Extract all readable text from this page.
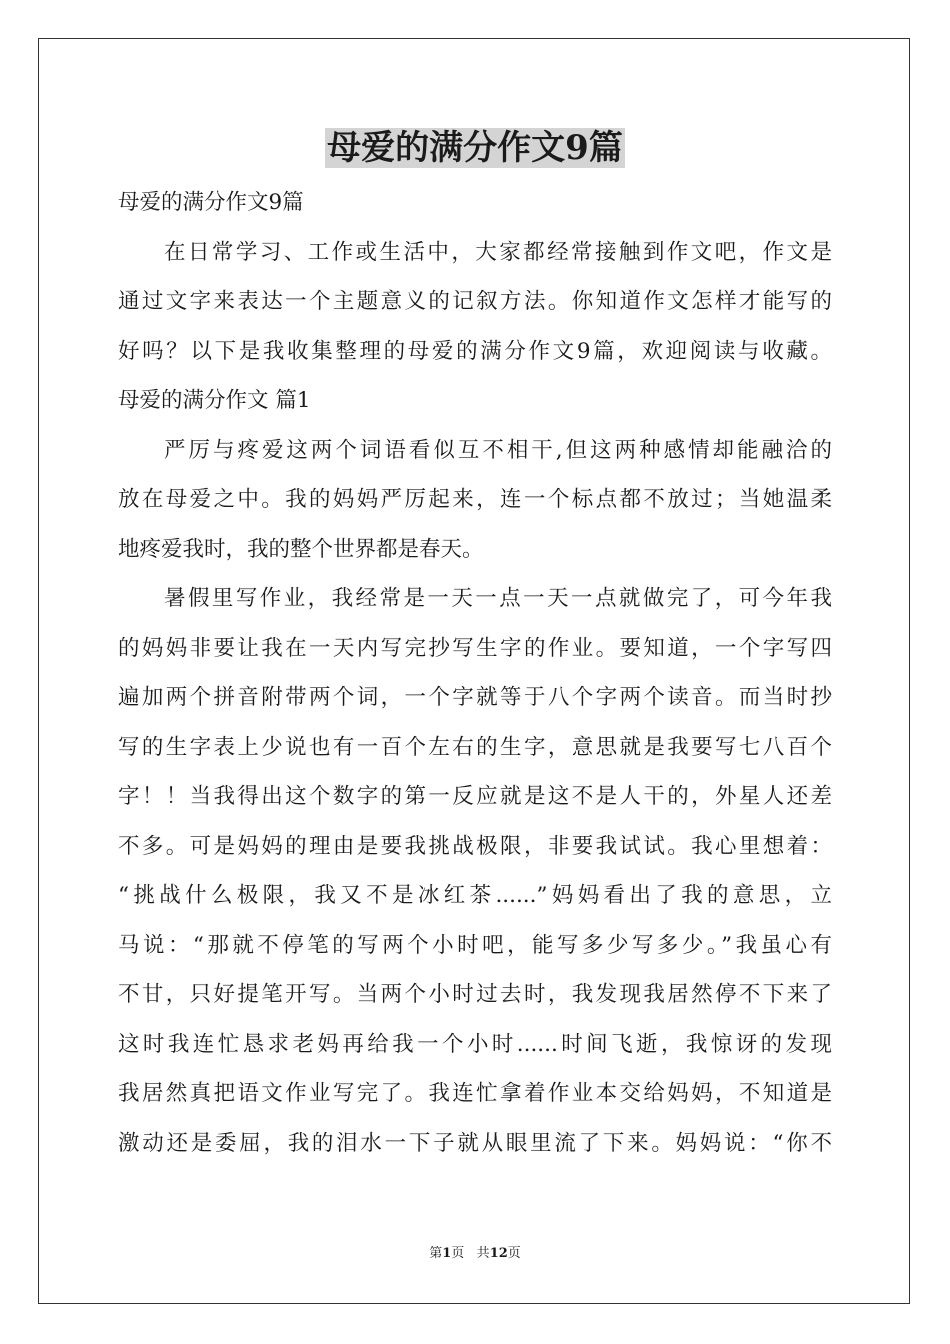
母爱的满分作文9篇
母爱的满分作文9篇
在日常学习、工作或生活中，大家都经常接触到作文吧，作文是
通过文字来表达一个主题意义的记叙方法。你知道作文怎样才能写的
好吗？以下是我收集整理的母爱的满分作文9篇，欢迎阅读与收藏。
母爱的满分作文 篇1
严厉与疼爱这两个词语看似互不相干,但这两种感情却能融洽的
放在母爱之中。我的妈妈严厉起来，连一个标点都不放过；当她温柔
地疼爱我时，我的整个世界都是春天。
暑假里写作业，我经常是一天一点一天一点就做完了，可今年我
的妈妈非要让我在一天内写完抄写生字的作业。要知道，一个字写四
遍加两个拼音附带两个词，一个字就等于八个字两个读音。而当时抄
写的生字表上少说也有一百个左右的生字，意思就是我要写七八百个
字！！当我得出这个数字的第一反应就是这不是人干的，外星人还差
不多。可是妈妈的理由是要我挑战极限，非要我试试。我心里想着：
“挑战什么极限，我又不是冰红茶......”妈妈看出了我的意思，立
马说：“那就不停笔的写两个小时吧，能写多少写多少。”我虽心有
不甘，只好提笔开写。当两个小时过去时，我发现我居然停不下来了
这时我连忙恳求老妈再给我一个小时......时间飞逝，我惊讶的发现
我居然真把语文作业写完了。我连忙拿着作业本交给妈妈，不知道是
激动还是委屈，我的泪水一下子就从眼里流了下来。妈妈说：“你不
第1页 共12页
